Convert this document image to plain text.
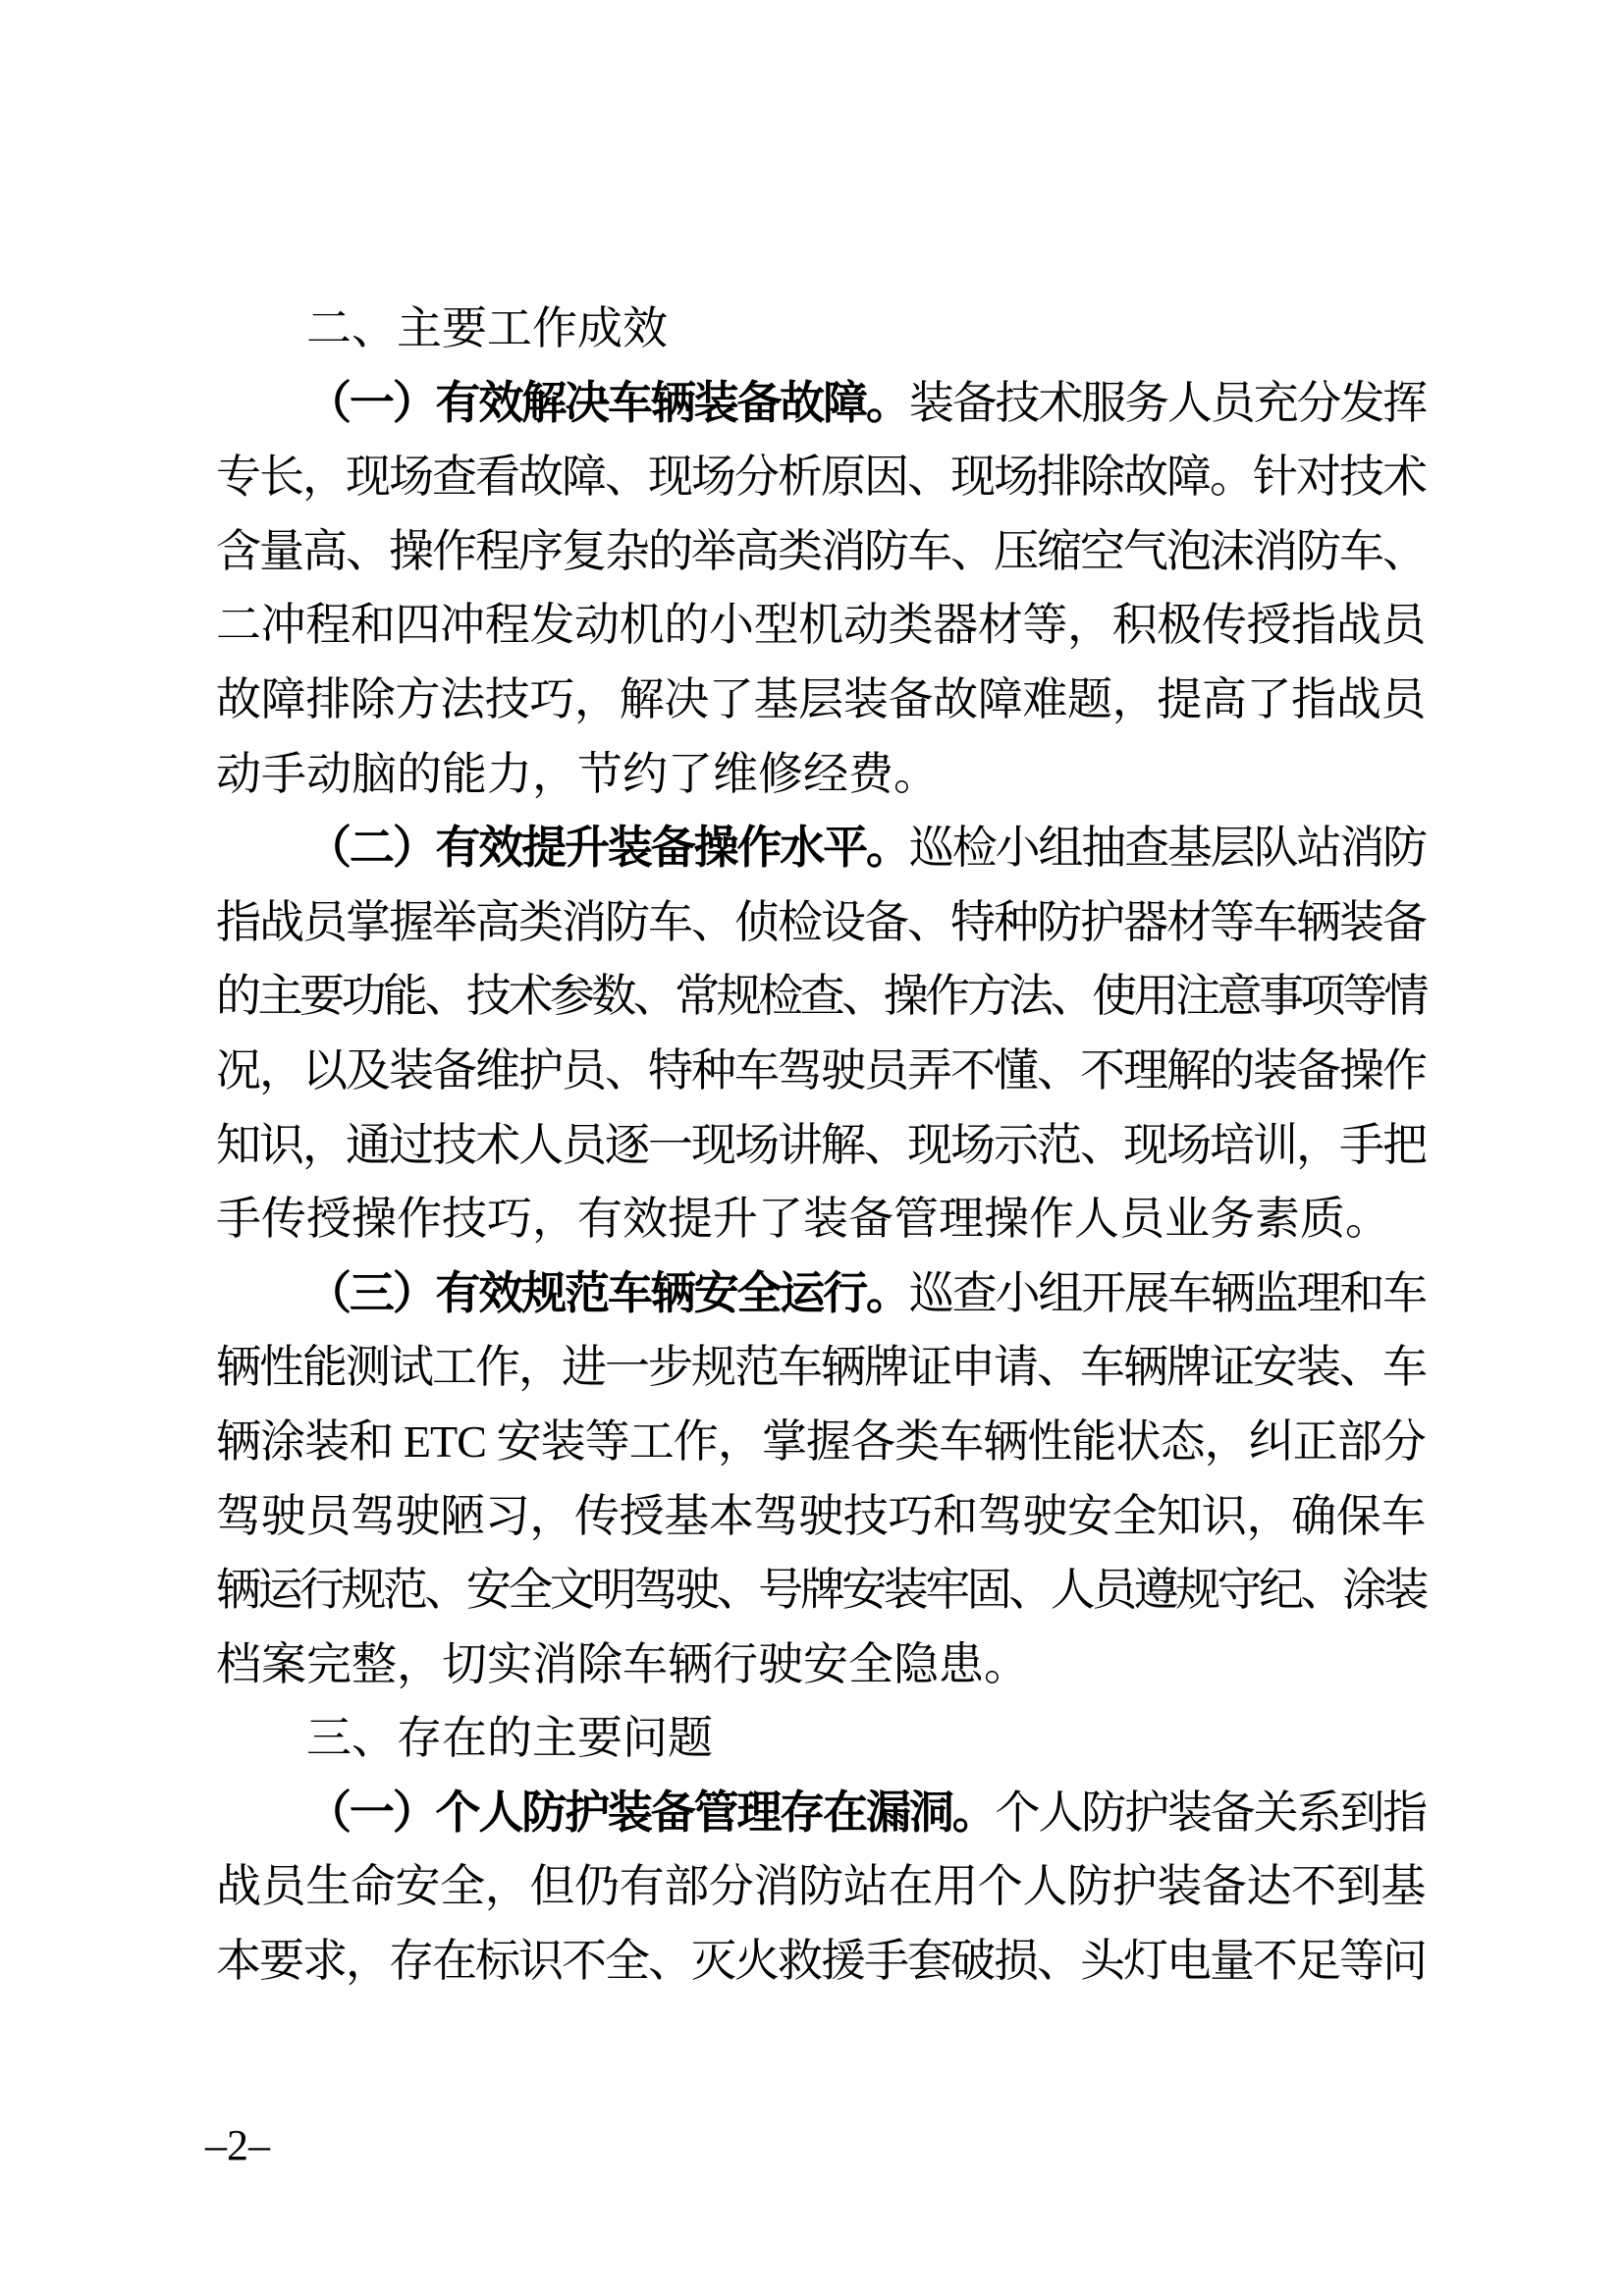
二、主要工作成效
（一）有效解决车辆装备故障。装备技术服务人员充分发挥
专长，现场查看故障、现场分析原因、现场排除故障。针对技术
含量高、操作程序复杂的举高类消防车、压缩空气泡沫消防车、
二冲程和四冲程发动机的小型机动类器材等，积极传授指战员
故障排除方法技巧，解决了基层装备故障难题，提高了指战员
动手动脑的能力，节约了维修经费。
（二）有效提升装备操作水平。巡检小组抽查基层队站消防
指战员掌握举高类消防车、侦检设备、特种防护器材等车辆装备
的主要功能、技术参数、常规检查、操作方法、使用注意事项等情
况，以及装备维护员、特种车驾驶员弄不懂、不理解的装备操作
知识，通过技术人员逐一现场讲解、现场示范、现场培训，手把
手传授操作技巧，有效提升了装备管理操作人员业务素质。
（三）有效规范车辆安全运行。巡查小组开展车辆监理和车
辆性能测试工作，进一步规范车辆牌证申请、车辆牌证安装、车
辆涂装和 ETC 安装等工作，掌握各类车辆性能状态，纠正部分
驾驶员驾驶陋习，传授基本驾驶技巧和驾驶安全知识，确保车
辆运行规范、安全文明驾驶、号牌安装牢固、人员遵规守纪、涂装
档案完整，切实消除车辆行驶安全隐患。
三、存在的主要问题
（一）个人防护装备管理存在漏洞。个人防护装备关系到指
战员生命安全，但仍有部分消防站在用个人防护装备达不到基
本要求，存在标识不全、灭火救援手套破损、头灯电量不足等问
–2–
